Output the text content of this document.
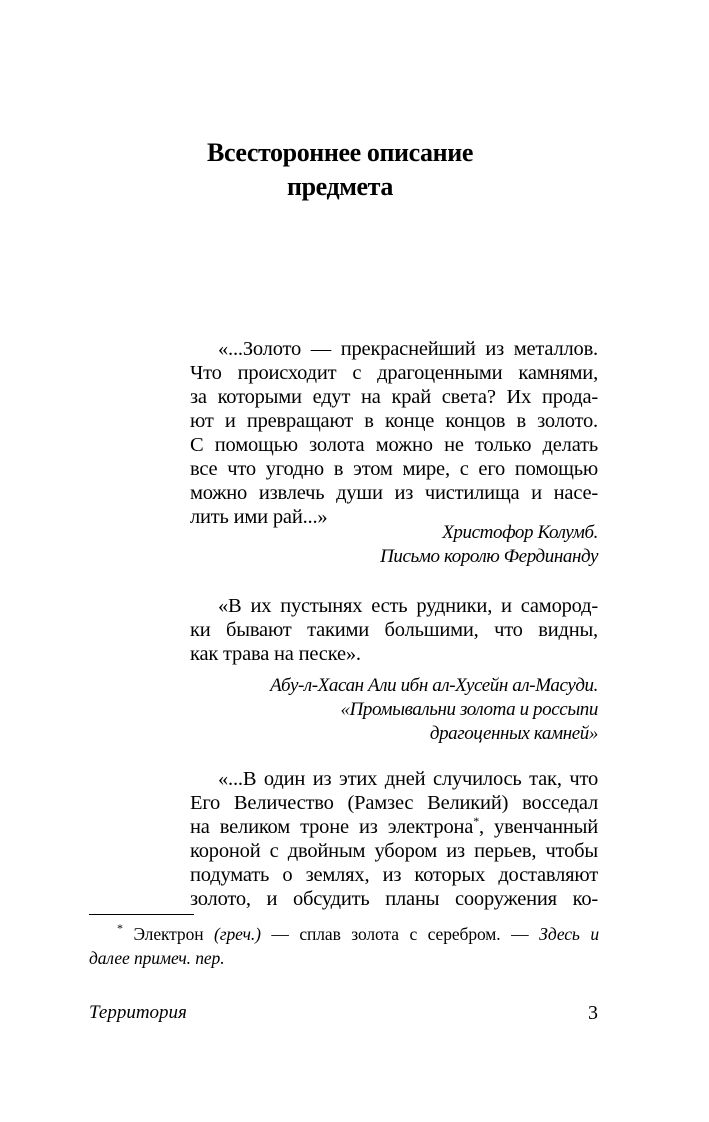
Всестороннее описание
предмета
«...Золото — прекраснейший из металлов.
Что происходит с драгоценными камнями,
за которыми едут на край света? Их прода-
ют и превращают в конце концов в золото.
С помощью золота можно не только делать
все что угодно в этом мире, с его помощью
можно извлечь души из чистилища и насе-
лить ими рай...»
Христофор Колумб.
Письмо королю Фердинанду
«В их пустынях есть рудники, и самород-
ки бывают такими большими, что видны,
как трава на песке».
Абу-л-Хасан Али ибн ал-Хусейн ал-Масуди.
«Промывальни золота и россыпи
драгоценных камней»
«...В один из этих дней случилось так, что
Его Величество (Рамзес Великий) восседал
на великом троне из электрона*, увенчанный
короной с двойным убором из перьев, чтобы
подумать о землях, из которых доставляют
золото, и обсудить планы сооружения ко-
* Электрон (греч.) — сплав золота с серебром. — Здесь и
далее примеч. пер.
Территория	3
